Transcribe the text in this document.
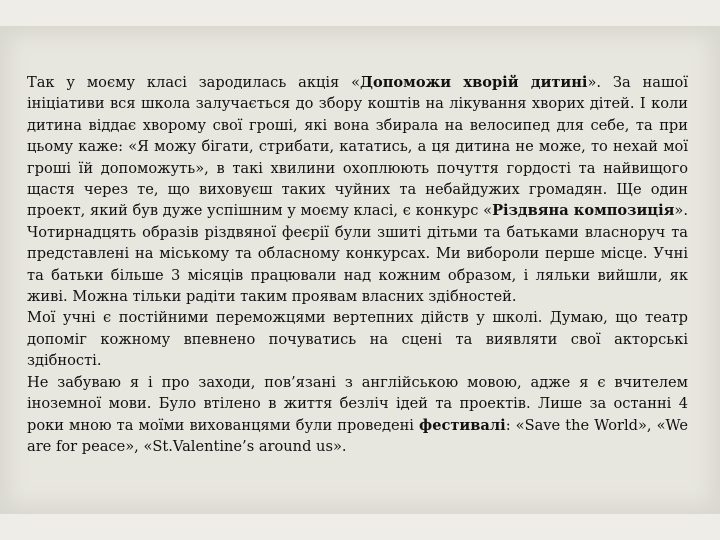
Так у моєму класі зародилась акція «Допоможи хворій дитині». За нашої ініціативи вся школа залучається до збору коштів на лікування хворих дітей. І коли дитина віддає хворому свої гроші, які вона збирала на велосипед для себе, та при цьому каже: «Я можу бігати, стрибати, кататись, а ця дитина не може, то нехай мої гроші їй допоможуть», в такі хвилини охоплюють почуття гордості та найвищого щастя через те, що виховуєш таких чуйних та небайдужих громадян. Ще один проект, який був дуже успішним у моєму класі, є конкурс «Різдвяна композиція». Чотирнадцять образів різдвяної феєрії були зшиті дітьми та батьками власноруч та представлені на міському та обласному конкурсах. Ми вибороли перше місце. Учні та батьки більше 3 місяців працювали над кожним образом, і ляльки вийшли, як живі. Можна тільки радіти таким проявам власних здібностей.

Мої учні є постійними переможцями вертепних дійств у школі. Думаю, що театр допоміг кожному впевнено почуватись на сцені та виявляти свої акторські здібності.

Не забуваю я і про заходи, пов’язані з англійською мовою, адже я є вчителем іноземної мови. Було втілено в життя безліч ідей та проектів. Лише за останні 4 роки мною та моїми вихованцями були проведені фестивалі: «Save the World», «We are for peace», «St.Valentine’s around us».
